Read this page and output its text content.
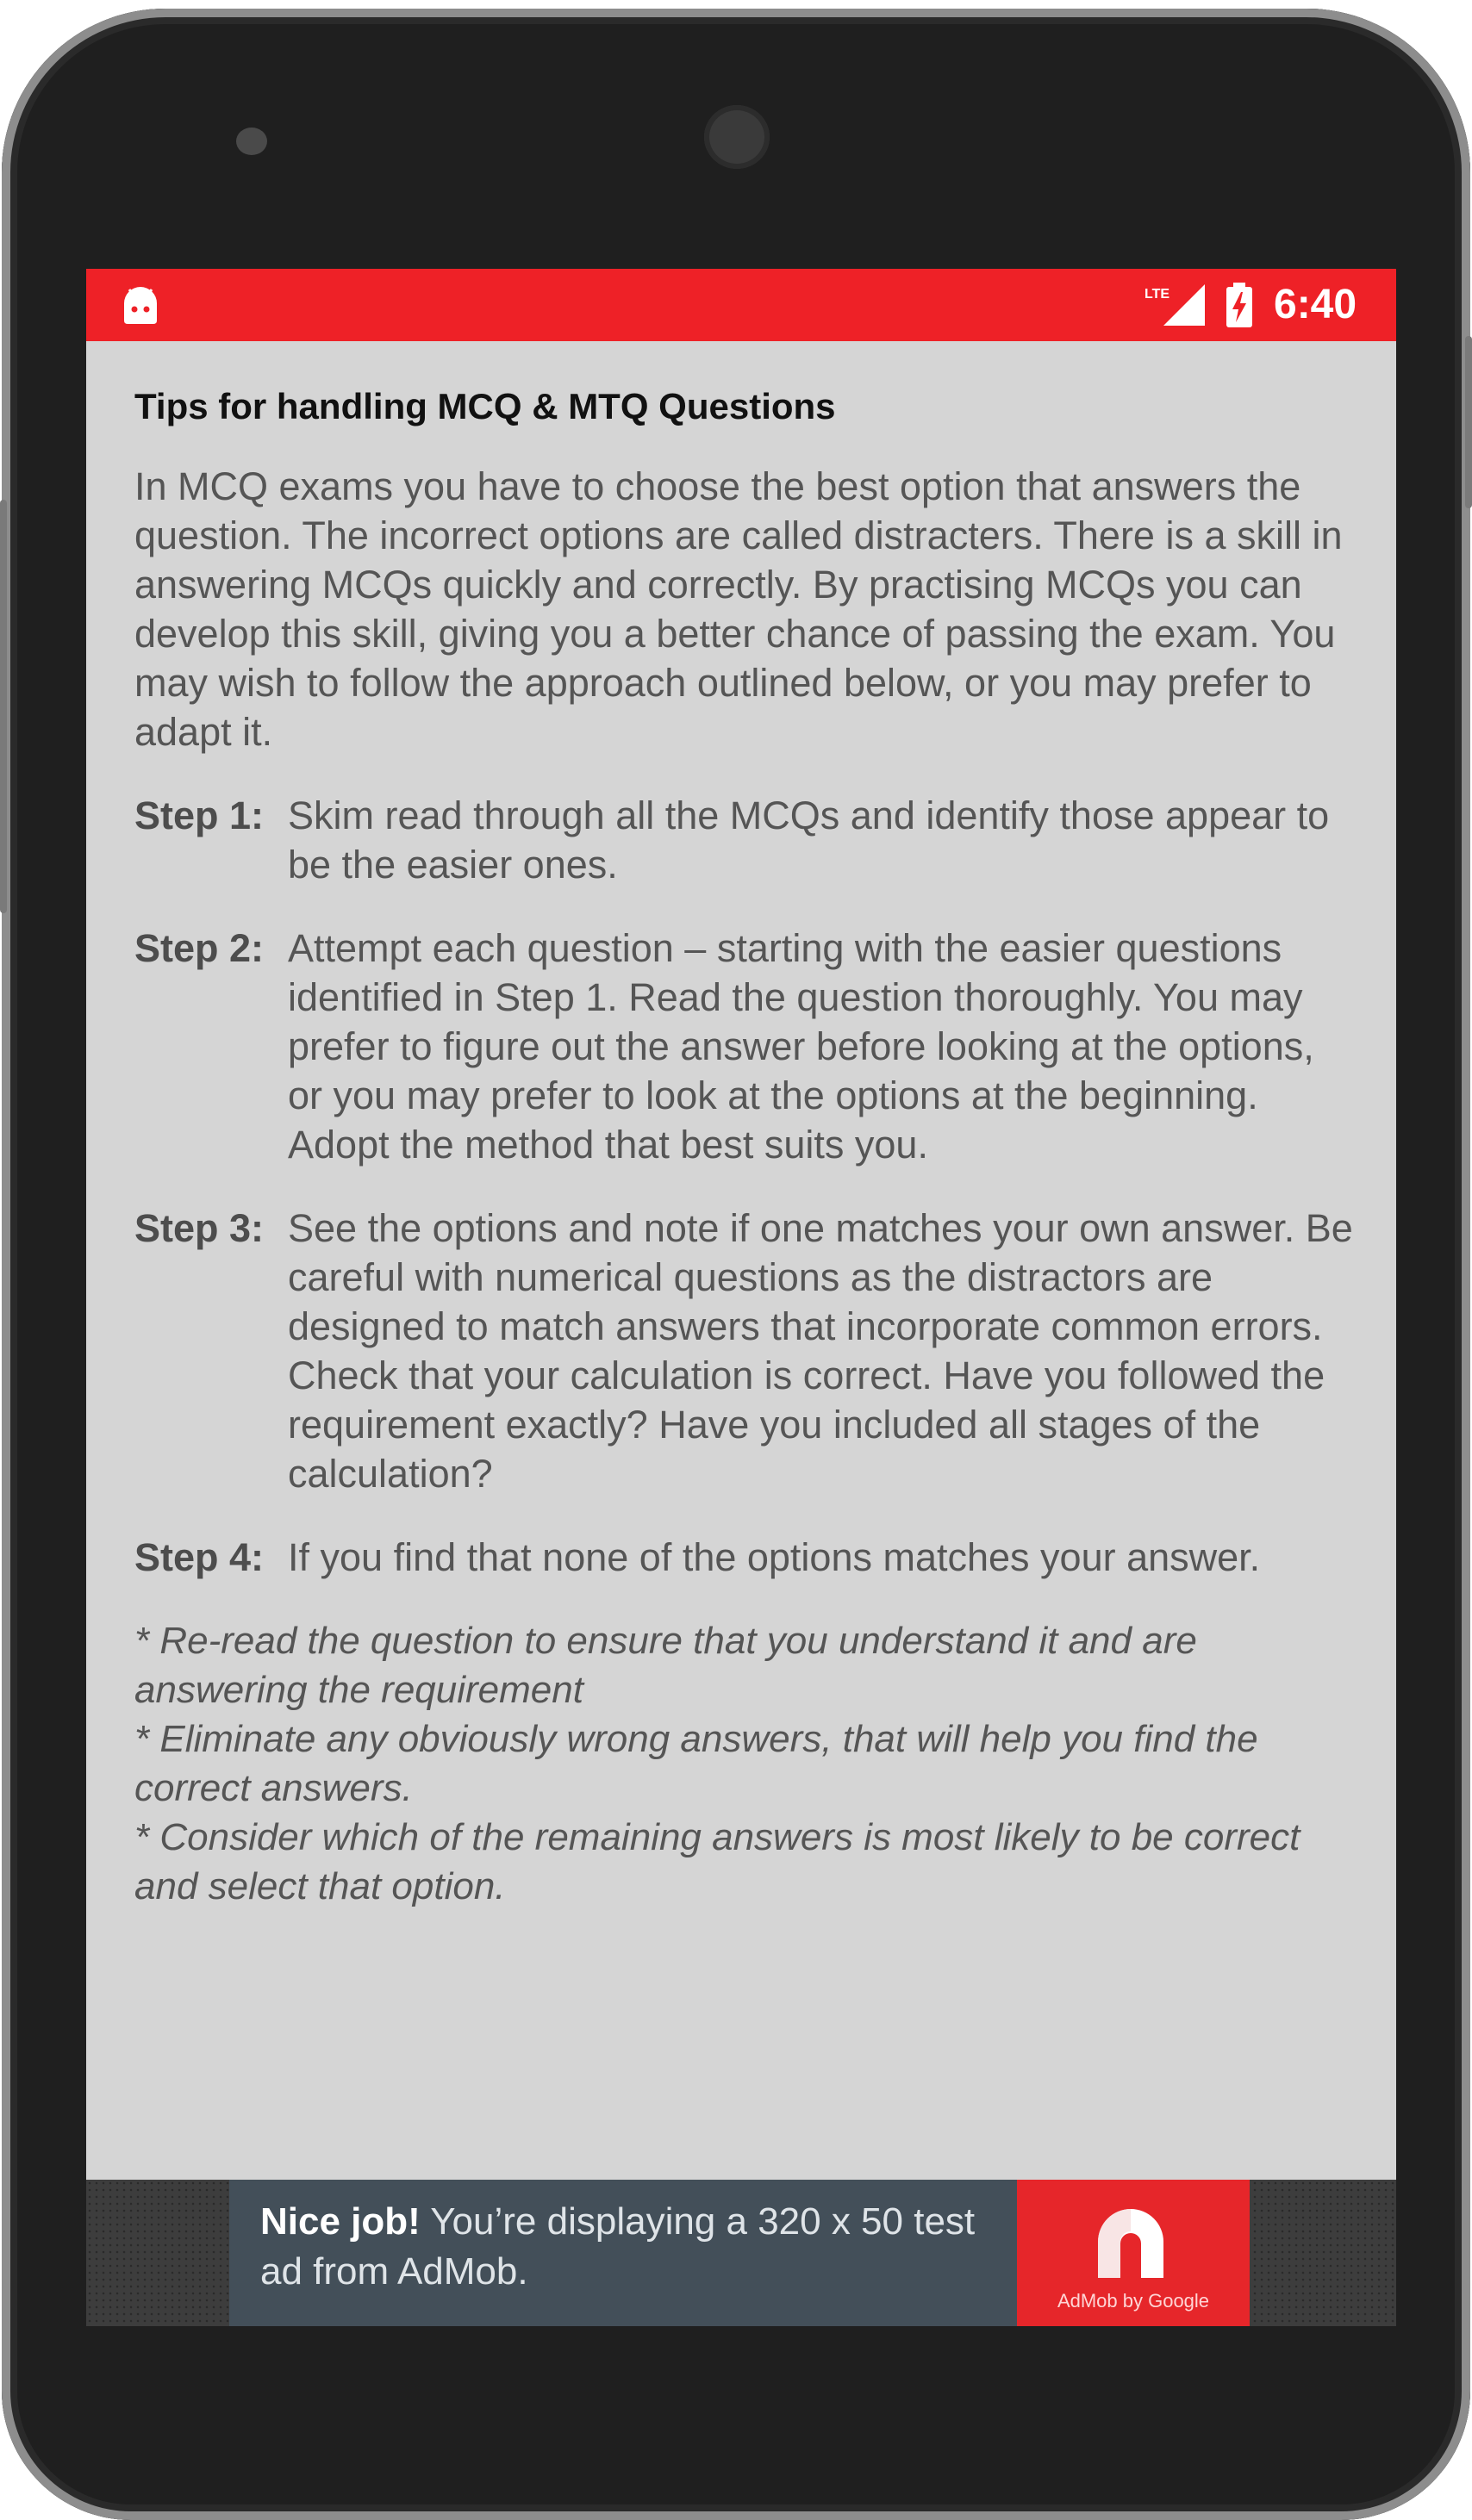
LTE	6:40
Tips for handling MCQ & MTQ Questions

In MCQ exams you have to choose the best option that answers the question. The incorrect options are called distracters. There is a skill in answering MCQs quickly and correctly. By practising MCQs you can develop this skill, giving you a better chance of passing the exam. You may wish to follow the approach outlined below, or you may prefer to adapt it.

Step 1: Skim read through all the MCQs and identify those appear to be the easier ones.
Step 2: Attempt each question – starting with the easier questions identified in Step 1. Read the question thoroughly. You may prefer to figure out the answer before looking at the options, or you may prefer to look at the options at the beginning. Adopt the method that best suits you.
Step 3: See the options and note if one matches your own answer. Be careful with numerical questions as the distractors are designed to match answers that incorporate common errors. Check that your calculation is correct. Have you followed the requirement exactly? Have you included all stages of the calculation?
Step 4: If you find that none of the options matches your answer.
* Re-read the question to ensure that you understand it and are answering the requirement
* Eliminate any obviously wrong answers, that will help you find the correct answers.
* Consider which of the remaining answers is most likely to be correct and select that option.
Nice job! You’re displaying a 320 x 50 test ad from AdMob.
AdMob by Google
